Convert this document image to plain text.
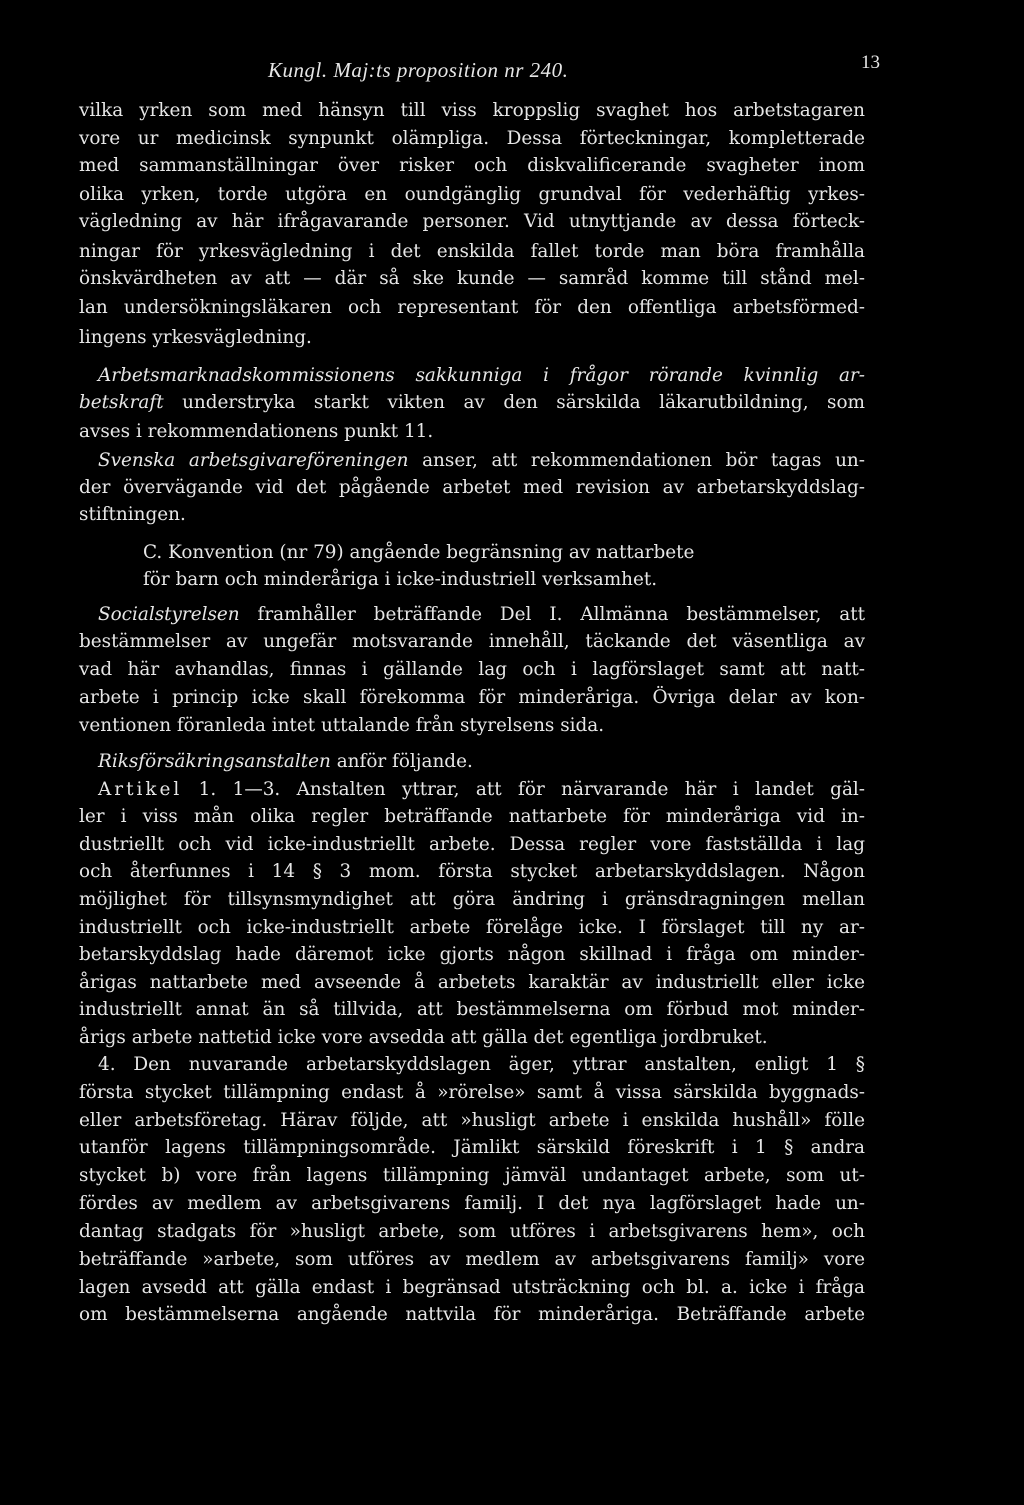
Kungl. Maj:ts proposition nr 240.	13
vilka yrken som med hänsyn till viss kroppslig svaghet hos arbetstagaren
vore ur medicinsk synpunkt olämpliga. Dessa förteckningar, kompletterade
med sammanställningar över risker och diskvalificerande svagheter inom
olika yrken, torde utgöra en oundgänglig grundval för vederhäftig yrkes-
vägledning av här ifrågavarande personer. Vid utnyttjande av dessa förteck-
ningar för yrkesvägledning i det enskilda fallet torde man böra framhålla
önskvärdheten av att — där så ske kunde — samråd komme till stånd mel-
lan undersökningsläkaren och representant för den offentliga arbetsförmed-
lingens yrkesvägledning.
Arbetsmarknadskommissionens sakkunniga i frågor rörande kvinnlig ar-
betskraft understryka starkt vikten av den särskilda läkarutbildning, som
avses i rekommendationens punkt 11.
Svenska arbetsgivareföreningen anser, att rekommendationen bör tagas un-
der övervägande vid det pågående arbetet med revision av arbetarskyddslag-
stiftningen.
C. Konvention (nr 79) angående begränsning av nattarbete
för barn och minderåriga i icke-industriell verksamhet.
Socialstyrelsen framhåller beträffande Del I. Allmänna bestämmelser, att
bestämmelser av ungefär motsvarande innehåll, täckande det väsentliga av
vad här avhandlas, finnas i gällande lag och i lagförslaget samt att natt-
arbete i princip icke skall förekomma för minderåriga. Övriga delar av kon-
ventionen föranleda intet uttalande från styrelsens sida.
Riksförsäkringsanstalten anför följande.
Artikel 1. 1—3. Anstalten yttrar, att för närvarande här i landet gäl-
ler i viss mån olika regler beträffande nattarbete för minderåriga vid in-
dustriellt och vid icke-industriellt arbete. Dessa regler vore fastställda i lag
och återfunnes i 14 § 3 mom. första stycket arbetarskyddslagen. Någon
möjlighet för tillsynsmyndighet att göra ändring i gränsdragningen mellan
industriellt och icke-industriellt arbete förelåge icke. I förslaget till ny ar-
betarskyddslag hade däremot icke gjorts någon skillnad i fråga om minder-
årigas nattarbete med avseende å arbetets karaktär av industriellt eller icke
industriellt annat än så tillvida, att bestämmelserna om förbud mot minder-
årigs arbete nattetid icke vore avsedda att gälla det egentliga jordbruket.
4. Den nuvarande arbetarskyddslagen äger, yttrar anstalten, enligt 1 §
första stycket tillämpning endast å »rörelse» samt å vissa särskilda byggnads-
eller arbetsföretag. Härav följde, att »husligt arbete i enskilda hushåll» fölle
utanför lagens tillämpningsområde. Jämlikt särskild föreskrift i 1 § andra
stycket b) vore från lagens tillämpning jämväl undantaget arbete, som ut-
fördes av medlem av arbetsgivarens familj. I det nya lagförslaget hade un-
dantag stadgats för »husligt arbete, som utföres i arbetsgivarens hem», och
beträffande »arbete, som utföres av medlem av arbetsgivarens familj» vore
lagen avsedd att gälla endast i begränsad utsträckning och bl. a. icke i fråga
om bestämmelserna angående nattvila för minderåriga. Beträffande arbete
